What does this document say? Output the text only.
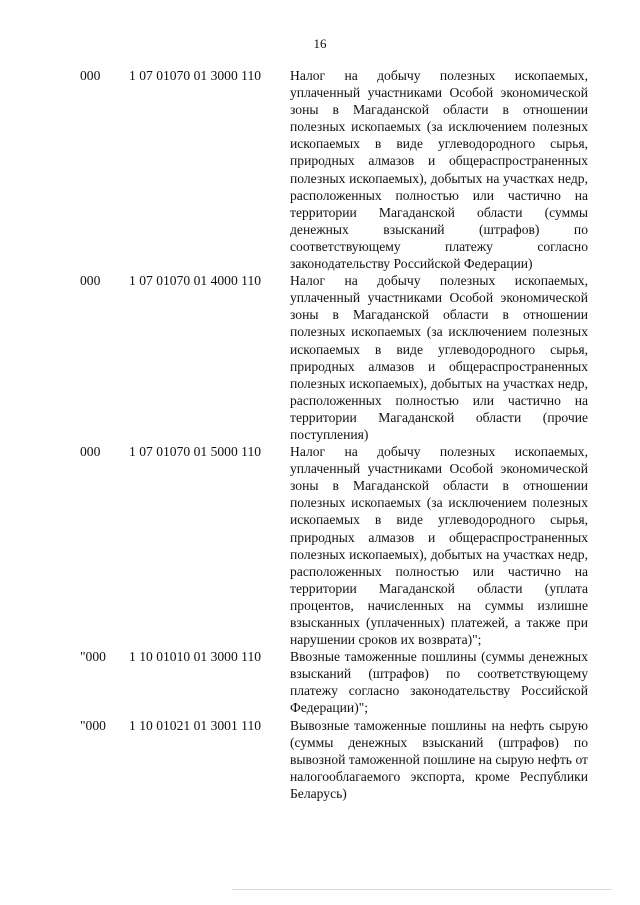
16
000 1 07 01070 01 3000 110 Налог на добычу полезных ископаемых, уплаченный участниками Особой экономической зоны в Магаданской области в отношении полезных ископаемых (за исключением полезных ископаемых в виде углеводородного сырья, природных алмазов и общераспространенных полезных ископаемых), добытых на участках недр, расположенных полностью или частично на территории Магаданской области (суммы денежных взысканий (штрафов) по соответствующему платежу согласно законодательству Российской Федерации)
000 1 07 01070 01 4000 110 Налог на добычу полезных ископаемых, уплаченный участниками Особой экономической зоны в Магаданской области в отношении полезных ископаемых (за исключением полезных ископаемых в виде углеводородного сырья, природных алмазов и общераспространенных полезных ископаемых), добытых на участках недр, расположенных полностью или частично на территории Магаданской области (прочие поступления)
000 1 07 01070 01 5000 110 Налог на добычу полезных ископаемых, уплаченный участниками Особой экономической зоны в Магаданской области в отношении полезных ископаемых (за исключением полезных ископаемых в виде углеводородного сырья, природных алмазов и общераспространенных полезных ископаемых), добытых на участках недр, расположенных полностью или частично на территории Магаданской области (уплата процентов, начисленных на суммы излишне взысканных (уплаченных) платежей, а также при нарушении сроков их возврата)";
"000 1 10 01010 01 3000 110 Ввозные таможенные пошлины (суммы денежных взысканий (штрафов) по соответствующему платежу согласно законодательству Российской Федерации)";
"000 1 10 01021 01 3001 110 Вывозные таможенные пошлины на нефть сырую (суммы денежных взысканий (штрафов) по вывозной таможенной пошлине на сырую нефть от налогооблагаемого экспорта, кроме Республики Беларусь)
